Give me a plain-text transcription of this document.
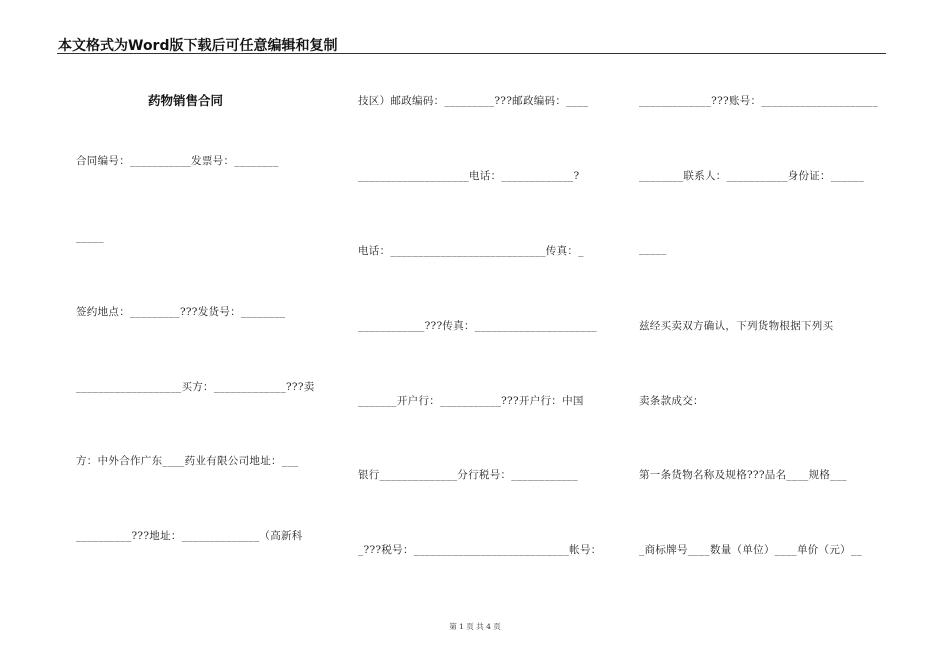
本文格式为Word版下载后可任意编辑和复制
药物销售合同
合同编号：___________发票号：________
_____
签约地点：_________???发货号：________
___________________买方：_____________???卖
方：中外合作广东____药业有限公司地址：___
__________???地址：______________（高新科
技区）邮政编码：_________???邮政编码：____
____________________电话：_____________?
电话：____________________________传真：_
____________???传真：______________________
_______开户行：___________???开户行：中国
银行______________分行税号：____________
_???税号：____________________________帐号：
_____________???账号：_____________________
________联系人：___________身份证：______
_____
兹经买卖双方确认，下列货物根据下列买
卖条款成交：
第一条货物名称及规格???品名____规格___
_商标牌号____数量（单位）____单价（元）__
第 1 页 共 4 页
